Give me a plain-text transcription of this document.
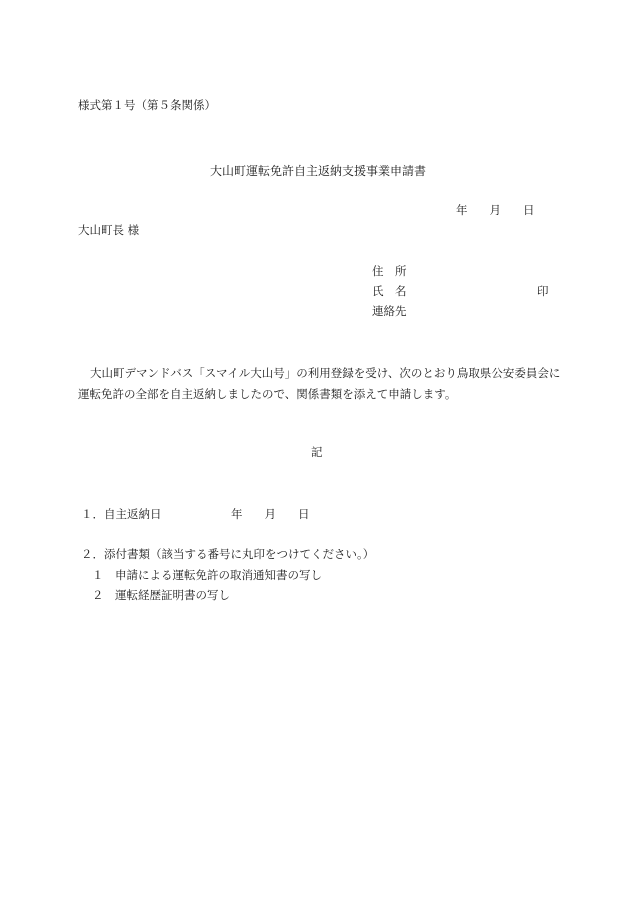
様式第１号（第５条関係）
大山町運転免許自主返納支援事業申請書
年 月 日
大山町長 様
住　所
氏　名	印
連絡先
大山町デマンドバス「スマイル大山号」の利用登録を受け、次のとおり鳥取県公安委員会に運転免許の全部を自主返納しましたので、関係書類を添えて申請します。
記
１．自主返納日	年 月 日
２．添付書類（該当する番号に丸印をつけてください。）
１　申請による運転免許の取消通知書の写し
２　運転経歴証明書の写し
